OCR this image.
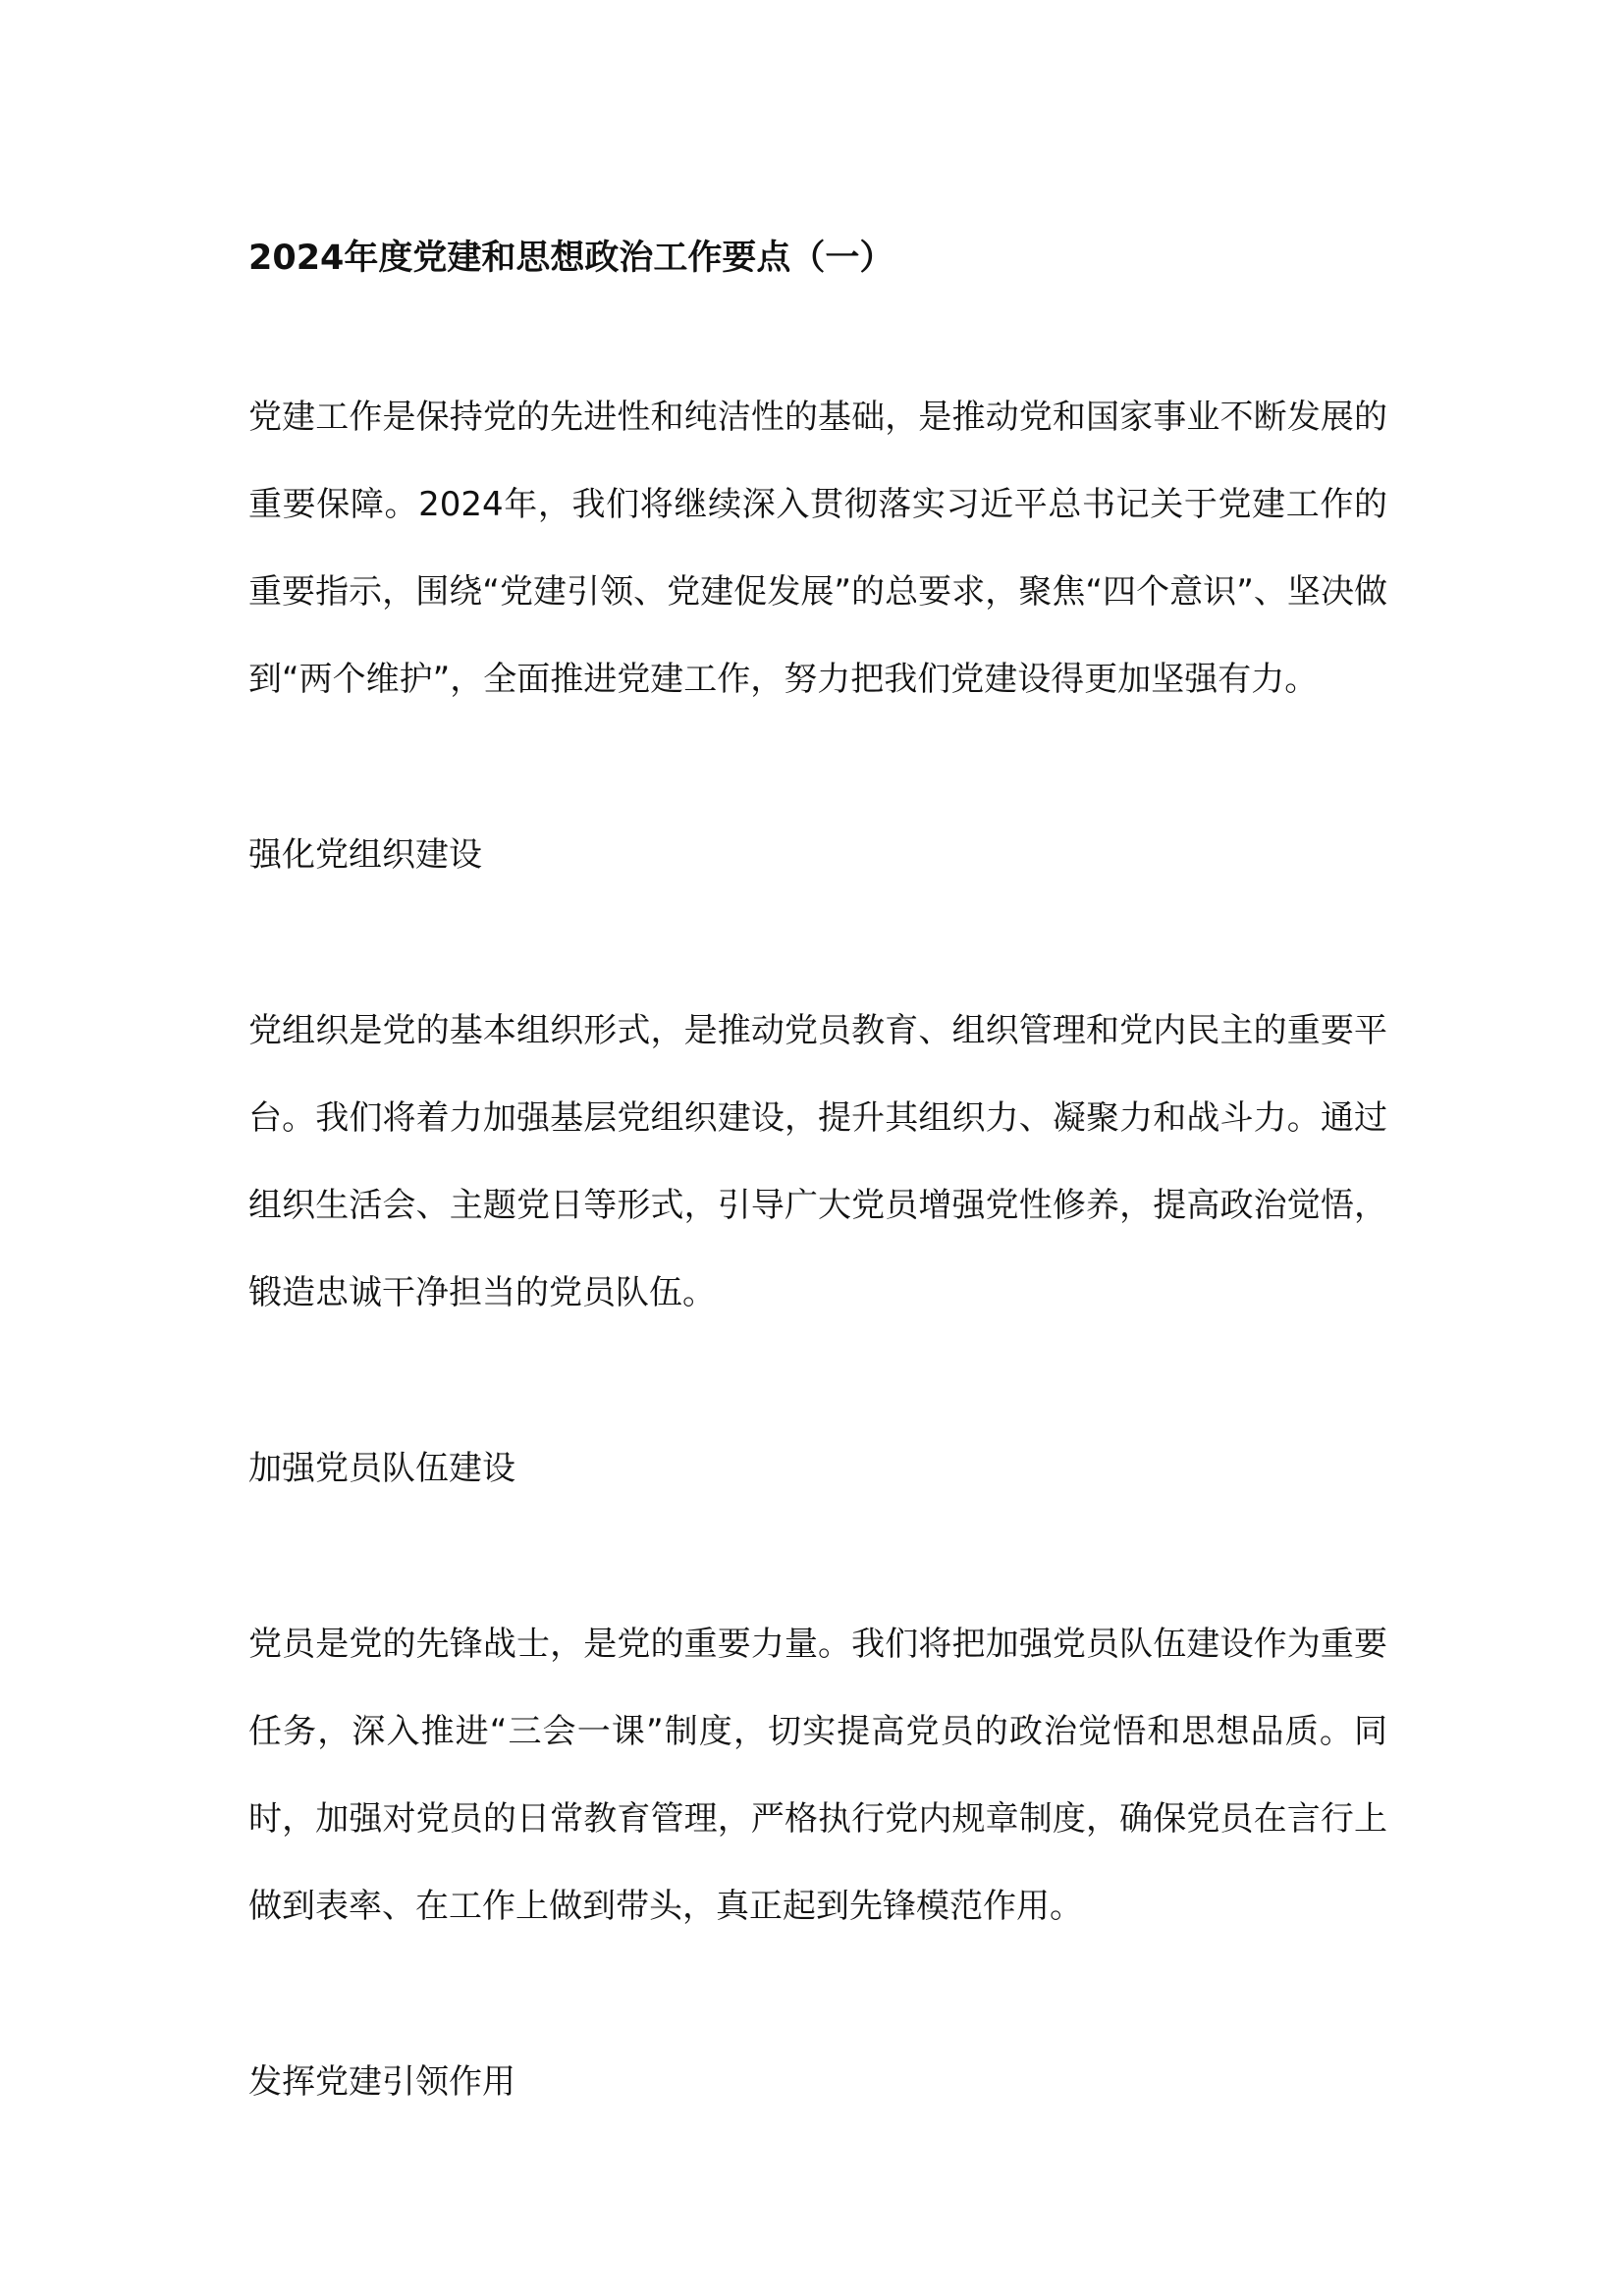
2024年度党建和思想政治工作要点（一）

党建工作是保持党的先进性和纯洁性的基础，是推动党和国家事业不断发展的重要保障。2024年，我们将继续深入贯彻落实习近平总书记关于党建工作的重要指示，围绕“党建引领、党建促发展”的总要求，聚焦“四个意识”、坚决做到“两个维护”，全面推进党建工作，努力把我们党建设得更加坚强有力。

强化党组织建设

党组织是党的基本组织形式，是推动党员教育、组织管理和党内民主的重要平台。我们将着力加强基层党组织建设，提升其组织力、凝聚力和战斗力。通过组织生活会、主题党日等形式，引导广大党员增强党性修养，提高政治觉悟，锻造忠诚干净担当的党员队伍。

加强党员队伍建设

党员是党的先锋战士，是党的重要力量。我们将把加强党员队伍建设作为重要任务，深入推进“三会一课”制度，切实提高党员的政治觉悟和思想品质。同时，加强对党员的日常教育管理，严格执行党内规章制度，确保党员在言行上做到表率、在工作上做到带头，真正起到先锋模范作用。

发挥党建引领作用
